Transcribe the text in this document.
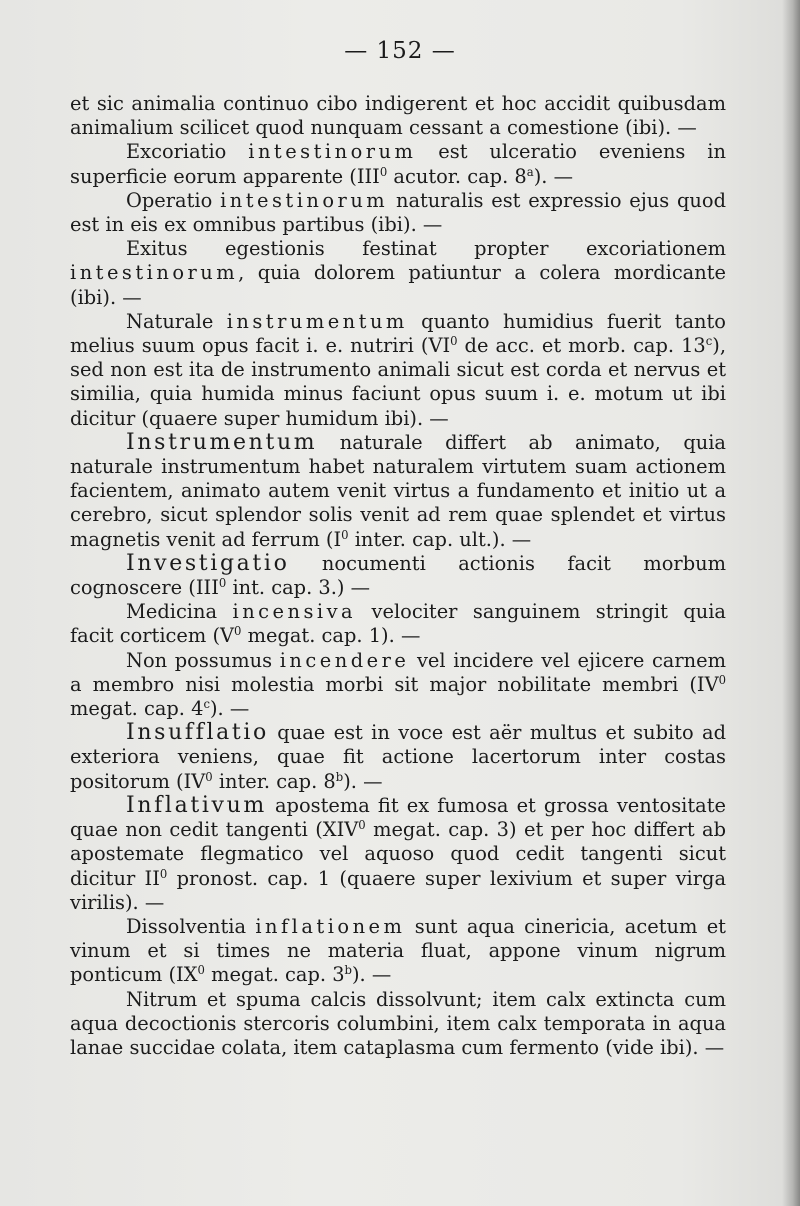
— 152 —

et sic animalia continuo cibo indigerent et hoc accidit quibusdam animalium scilicet quod nunquam cessant a comestione (ibi). —

Excoriatio intestinorum est ulceratio eveniens in superficie eorum apparente (III$^0$ acutor. cap. 8$^a$). —

Operatio intestinorum naturalis est expressio ejus quod est in eis ex omnibus partibus (ibi). —

Exitus egestionis festinat propter excoriationem intestinorum, quia dolorem patiuntur a colera mordicante (ibi). —

Naturale instrumentum quanto humidius fuerit tanto melius suum opus facit i. e. nutriri ($VI^0$ de acc. et morb. cap. 13$^c$), sed non est ita de instrumento animali sicut est corda et nervus et similia, quia humida minus faciunt opus suum i. e. motum ut ibi dicitur (quaere super humidum ibi). —

Instrumentum naturale differt ab animato, quia naturale instrumentum habet naturalem virtutem suam actionem facientem, animato autem venit virtus a fundamento et initio ut a cerebro, sicut splendor solis venit ad rem quae splendet et virtus magnetis venit ad ferrum ($I^0$ inter. cap. ult.). —

Investigatio nocumenti actionis facit morbum cognoscere (III$^0$ int. cap. 3.) —

Medicina incensiva velociter sanguinem stringit quia facit corticem ($V^0$ megat. cap. 1). —

Non possumus incendere vel incidere vel ejicere carnem a membro nisi molestia morbi sit major nobilitate membri ($IV^0$ megat. cap. 4$^c$). —

Insufflatio quae est in voce est aër multus et subito ad exteriora veniens, quae fit actione lacertorum inter costas positorum ($IV^0$ inter. cap. 8$^b$). —

Inflativum apostema fit ex fumosa et grossa ventositate quae non cedit tangenti (XIV$^0$ megat. cap. 3) et per hoc differt ab apostemate flegmatico vel aquoso quod cedit tangenti sicut dicitur $II^0$ pronost. cap. 1 (quaere super lexivium et super virga virilis). —

Dissolventia inflationem sunt aqua cinericia, acetum et vinum et si times ne materia fluat, appone vinum nigrum ponticum ($IX^0$ megat. cap. 3$^b$). —

Nitrum et spuma calcis dissolvunt; item calx extincta cum aqua decoctionis stercoris columbini, item calx temporata in aqua lanae succidae colata, item cataplasma cum fermento (vide ibi). —
